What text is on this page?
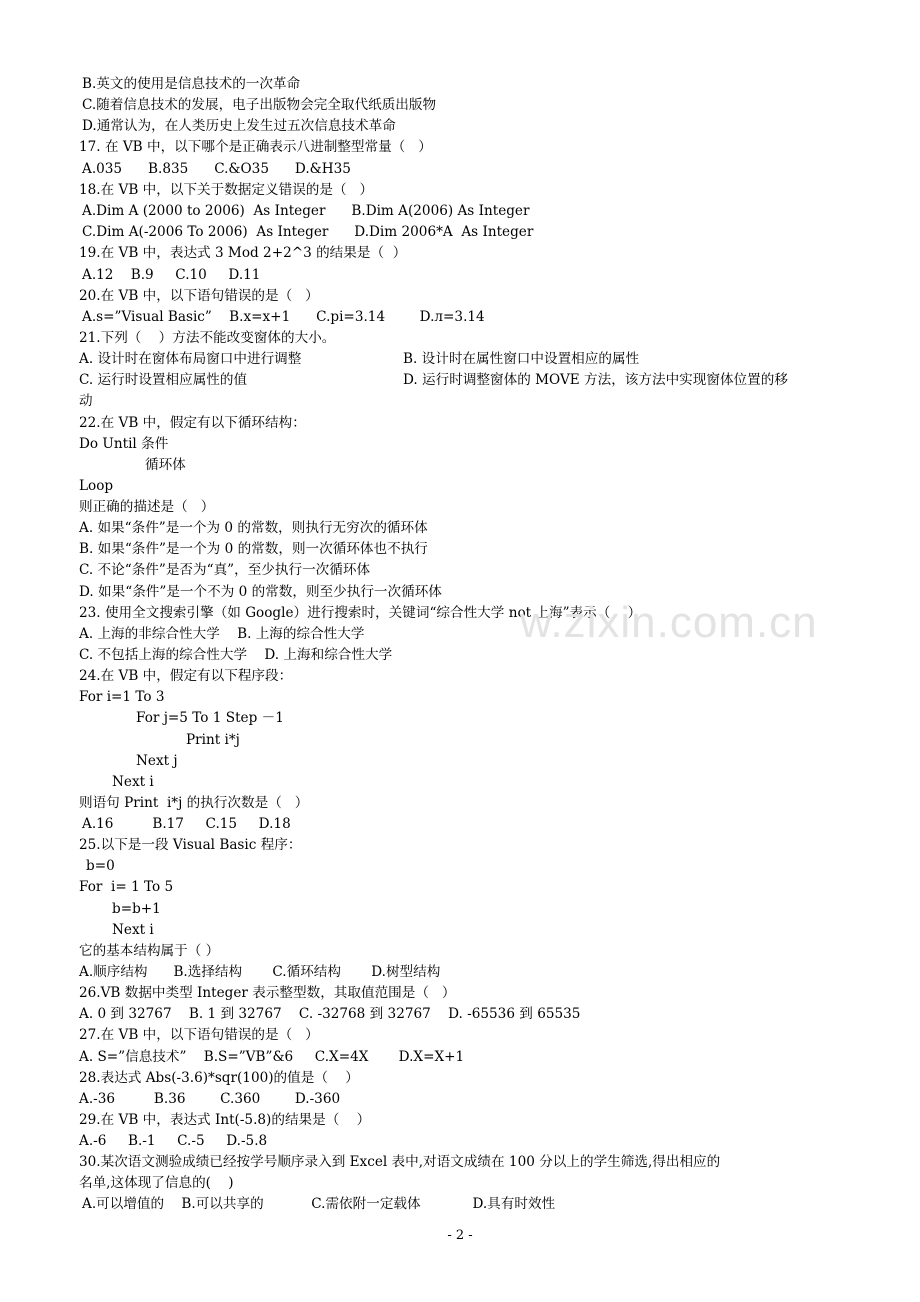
B.英文的使用是信息技术的一次革命
C.随着信息技术的发展，电子出版物会完全取代纸质出版物
D.通常认为，在人类历史上发生过五次信息技术革命
17. 在 VB 中，以下哪个是正确表示八进制整型常量（   ）
A.035      B.835      C.&O35      D.&H35
18.在 VB 中，以下关于数据定义错误的是（   ）
A.Dim A (2000 to 2006)  As Integer      B.Dim A(2006) As Integer
C.Dim A(-2006 To 2006)  As Integer      D.Dim 2006*A  As Integer
19.在 VB 中，表达式 3 Mod 2+2^3 的结果是（  ）
A.12    B.9     C.10     D.11
20.在 VB 中，以下语句错误的是（   ）
A.s=”Visual Basic”    B.x=x+1      C.pi=3.14        D.л=3.14
21.下列（    ）方法不能改变窗体的大小。
A. 设计时在窗体布局窗口中进行调整	B. 设计时在属性窗口中设置相应的属性
C. 运行时设置相应属性的值	D. 运行时调整窗体的 MOVE 方法，该方法中实现窗体位置的移
动
22.在 VB 中，假定有以下循环结构：
Do Until 条件
循环体
Loop
则正确的描述是（   ）
A. 如果“条件”是一个为 0 的常数，则执行无穷次的循环体
B. 如果“条件”是一个为 0 的常数，则一次循环体也不执行
C. 不论“条件”是否为“真”，至少执行一次循环体
D. 如果“条件”是一个不为 0 的常数，则至少执行一次循环体
23. 使用全文搜索引擎（如 Google）进行搜索时，关键词“综合性大学 not 上海”表示（    ）
A. 上海的非综合性大学    B. 上海的综合性大学
C. 不包括上海的综合性大学    D. 上海和综合性大学
24.在 VB 中，假定有以下程序段：
For i=1 To 3
For j=5 To 1 Step －1
Print i*j
Next j
Next i
则语句 Print  i*j 的执行次数是（   ）
A.16         B.17     C.15     D.18
25.以下是一段 Visual Basic 程序：
b=0
For  i= 1 To 5
b=b+1
Next i
它的基本结构属于（ ）
A.顺序结构      B.选择结构       C.循环结构       D.树型结构
26.VB 数据中类型 Integer 表示整型数，其取值范围是（   ）
A. 0 到 32767    B. 1 到 32767    C. -32768 到 32767    D. -65536 到 65535
27.在 VB 中，以下语句错误的是（   ）
A. S=”信息技术”    B.S=”VB”&6     C.X=4X       D.X=X+1
28.表达式 Abs(-3.6)*sqr(100)的值是（    ）
A.-36         B.36        C.360        D.-360
29.在 VB 中，表达式 Int(-5.8)的结果是（    ）
A.-6     B.-1     C.-5     D.-5.8
30.某次语文测验成绩已经按学号顺序录入到 Excel 表中,对语文成绩在 100 分以上的学生筛选,得出相应的
名单,这体现了信息的(    )
A.可以增值的    B.可以共享的           C.需依附一定载体            D.具有时效性
w.zixin.com.cn
- 2 -
